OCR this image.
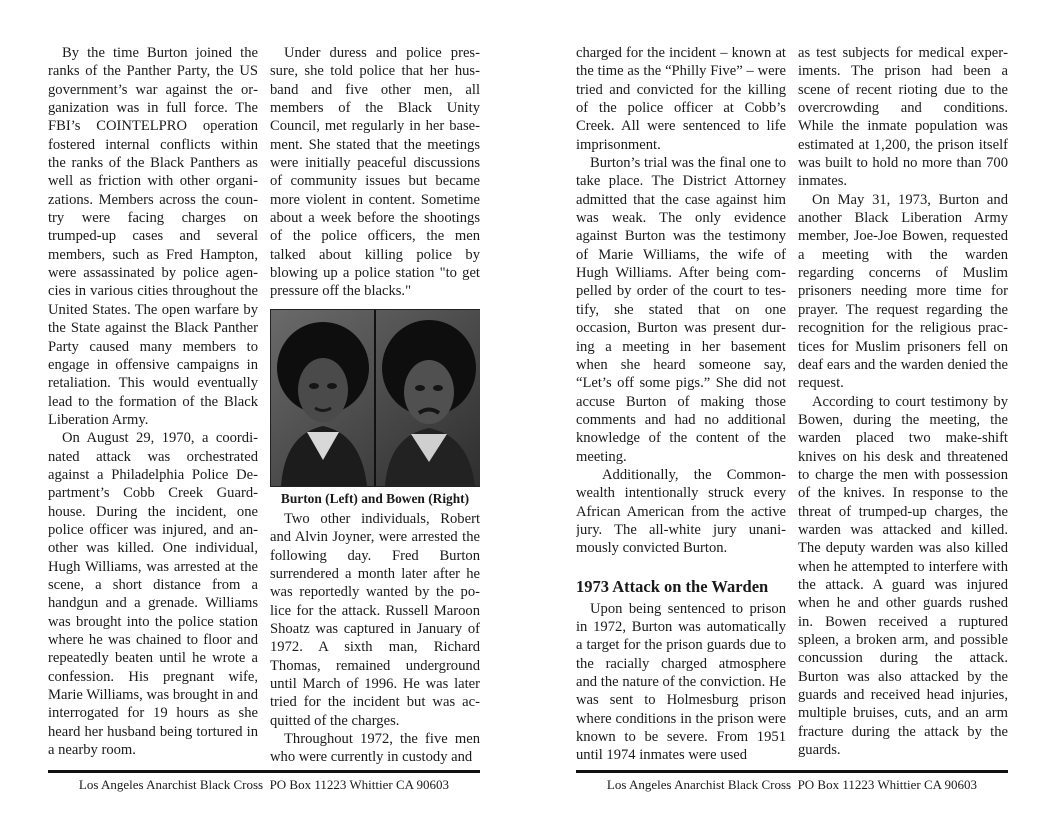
By the time Burton joined the ranks of the Panther Party, the US government’s war against the organization was in full force. The FBI’s COINTELPRO operation fostered internal conflicts within the ranks of the Black Panthers as well as friction with other organizations. Members across the country were facing charges on trumped-up cases and several members, such as Fred Hampton, were assassinated by police agencies in various cities throughout the United States. The open warfare by the State against the Black Panther Party caused many members to engage in offensive campaigns in retaliation. This would eventually lead to the formation of the Black Liberation Army.

On August 29, 1970, a coordinated attack was orchestrated against a Philadelphia Police Department’s Cobb Creek Guardhouse. During the incident, one police officer was injured, and another was killed. One individual, Hugh Williams, was arrested at the scene, a short distance from a handgun and a grenade. Williams was brought into the police station where he was chained to floor and repeatedly beaten until he wrote a confession. His pregnant wife, Marie Williams, was brought in and interrogated for 19 hours as she heard her husband being tortured in a nearby room.

Under duress and police pressure, she told police that her husband and five other men, all members of the Black Unity Council, met regularly in her basement. She stated that the meetings were initially peaceful discussions of community issues but became more violent in content. Sometime about a week before the shootings of the police officers, the men talked about killing police by blowing up a police station "to get pressure off the blacks."

Burton (Left) and Bowen (Right)

Two other individuals, Robert and Alvin Joyner, were arrested the following day. Fred Burton surrendered a month later after he was reportedly wanted by the police for the attack. Russell Maroon Shoatz was captured in January of 1972. A sixth man, Richard Thomas, remained underground until March of 1996. He was later tried for the incident but was acquitted of the charges.

Throughout 1972, the five men who were currently in custody and

Los Angeles Anarchist Black Cross  PO Box 11223 Whittier CA 90603

charged for the incident – known at the time as the “Philly Five” – were tried and convicted for the killing of the police officer at Cobb’s Creek. All were sentenced to life imprisonment.

Burton’s trial was the final one to take place. The District Attorney admitted that the case against him was weak. The only evidence against Burton was the testimony of Marie Williams, the wife of Hugh Williams. After being compelled by order of the court to testify, she stated that on one occasion, Burton was present during a meeting in her basement when she heard someone say, “Let’s off some pigs.” She did not accuse Burton of making those comments and had no additional knowledge of the content of the meeting.

Additionally, the Commonwealth intentionally struck every African American from the active jury. The all-white jury unanimously convicted Burton.

1973 Attack on the Warden

Upon being sentenced to prison in 1972, Burton was automatically a target for the prison guards due to the racially charged atmosphere and the nature of the conviction. He was sent to Holmesburg prison where conditions in the prison were known to be severe. From 1951 until 1974 inmates were used

as test subjects for medical experiments. The prison had been a scene of recent rioting due to the overcrowding and conditions. While the inmate population was estimated at 1,200, the prison itself was built to hold no more than 700 inmates.

On May 31, 1973, Burton and another Black Liberation Army member, Joe-Joe Bowen, requested a meeting with the warden regarding concerns of Muslim prisoners needing more time for prayer. The request regarding the recognition for the religious practices for Muslim prisoners fell on deaf ears and the warden denied the request.

According to court testimony by Bowen, during the meeting, the warden placed two make-shift knives on his desk and threatened to charge the men with possession of the knives. In response to the threat of trumped-up charges, the warden was attacked and killed. The deputy warden was also killed when he attempted to interfere with the attack. A guard was injured when he and other guards rushed in. Bowen received a ruptured spleen, a broken arm, and possible concussion during the attack. Burton was also attacked by the guards and received head injuries, multiple bruises, cuts, and an arm fracture during the attack by the guards.

Los Angeles Anarchist Black Cross  PO Box 11223 Whittier CA 90603
